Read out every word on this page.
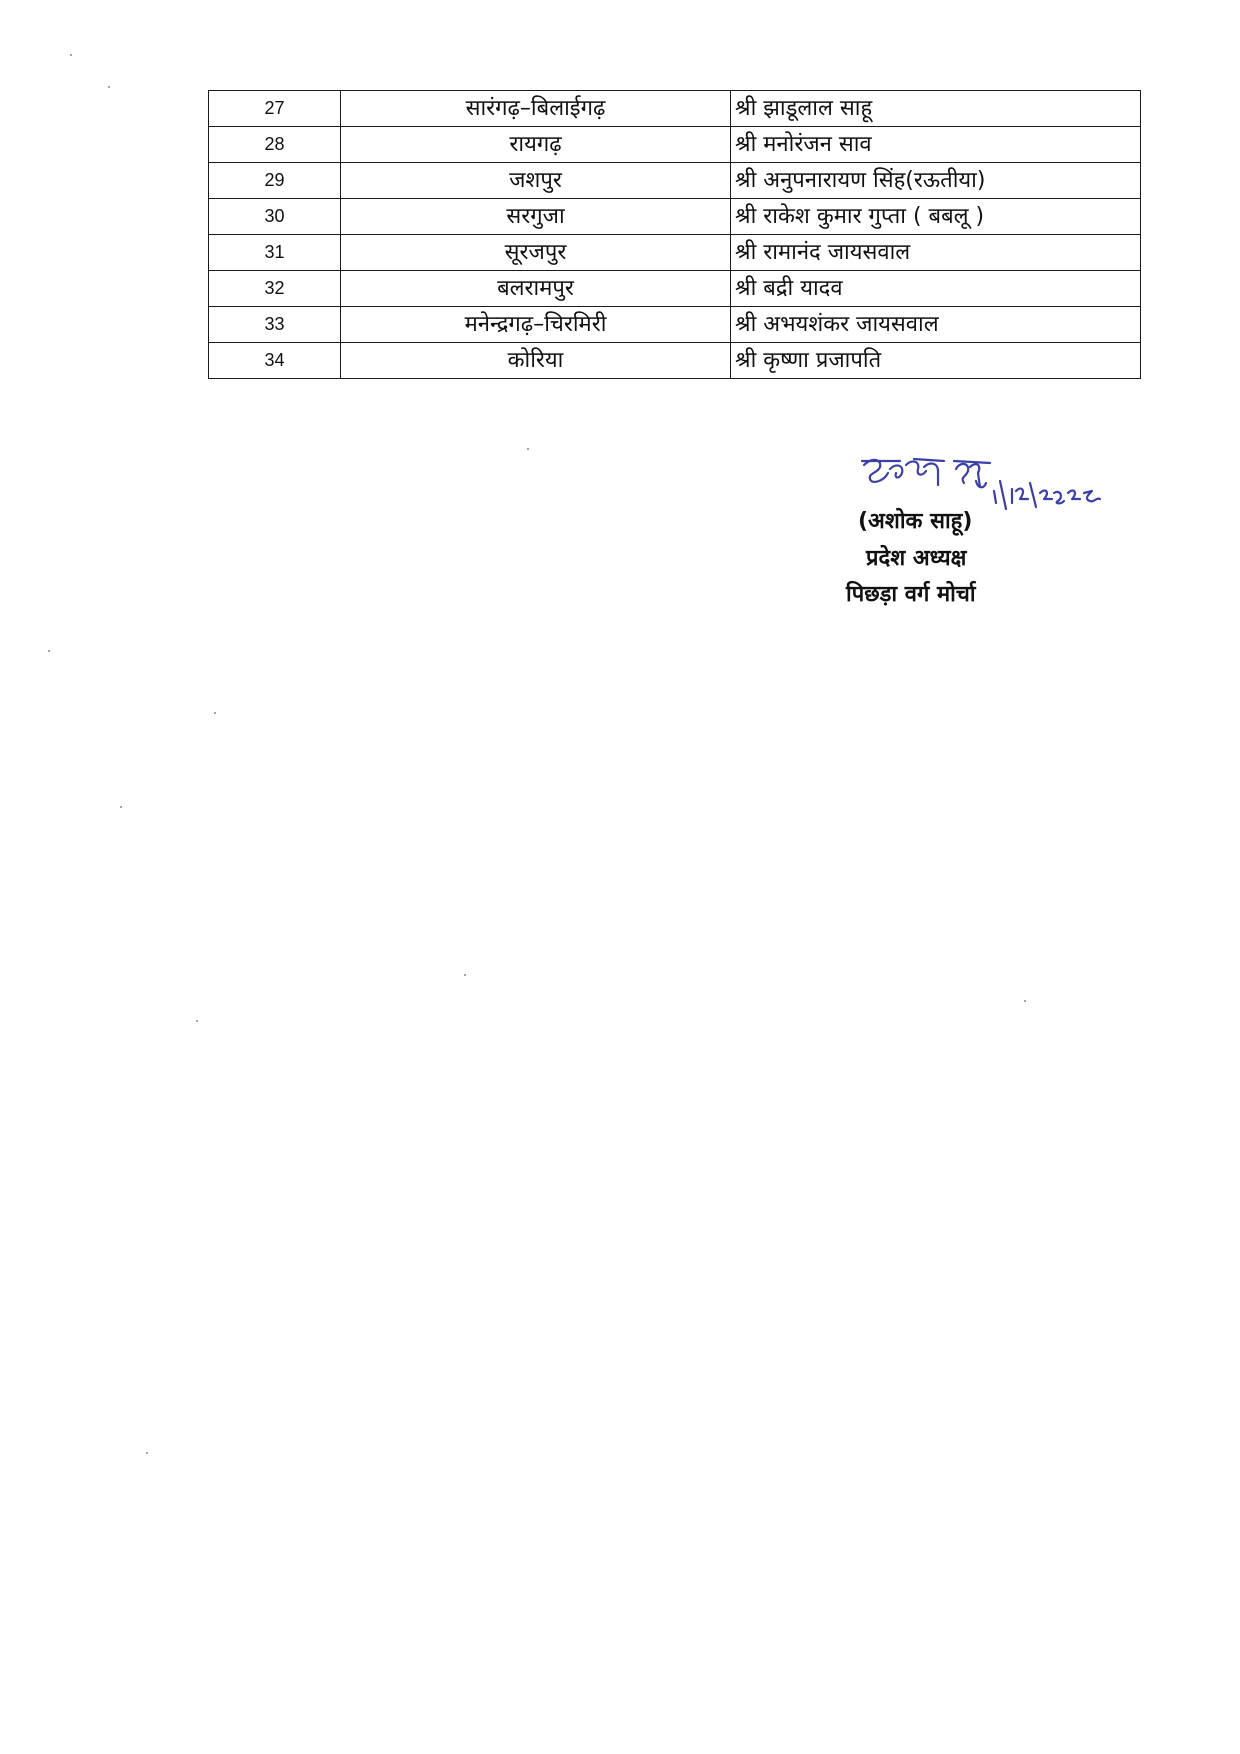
27	सारंगढ़–बिलाईगढ़	श्री झाडूलाल साहू
28	रायगढ़	श्री मनोरंजन साव
29	जशपुर	श्री अनुपनारायण सिंह(रऊतीया)
30	सरगुजा	श्री राकेश कुमार गुप्ता ( बबलू )
31	सूरजपुर	श्री रामानंद जायसवाल
32	बलरामपुर	श्री बद्री यादव
33	मनेन्द्रगढ़–चिरमिरी	श्री अभयशंकर जायसवाल
34	कोरिया	श्री कृष्णा प्रजापति
(अशोक साहू)
प्रदेश अध्यक्ष
पिछड़ा वर्ग मोर्चा
